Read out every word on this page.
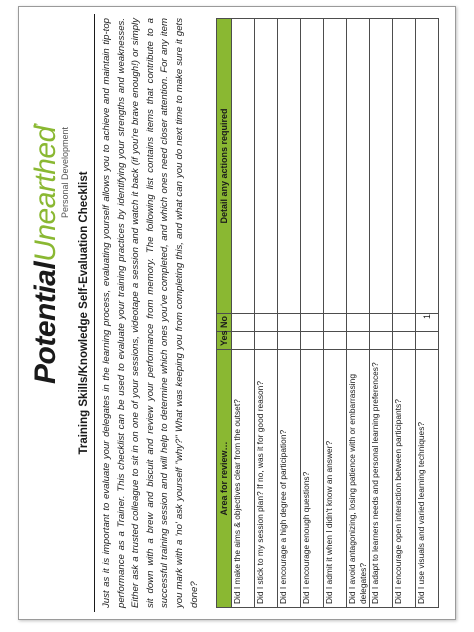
PotentialUnearthed
❜
Personal Development Training Skills/Knowledge Self-Evaluation Checklist	Just as it is important to evaluate your delegates in the learning process, evaluating yourself allows you to achieve and maintain tip-top performance as a Trainer. This checklist can be used to evaluate your training practices by identifying your strengths and weaknesses. Either ask a trusted colleague to sit in on one of your sessions, videotape a session and watch it back (if you're brave enough!) or simply sit down with a brew and biscuit and review your performance from memory. The following list contains items that contribute to a successful training session and will help to determine which ones you've completed, and which ones need closer attention. For any item you mark with a 'no' ask yourself "why?" What was keeping you from completing this, and what can you do next time to make sure it gets done?
Area for review…	Yes	No	Detail any actions required
Did I make the aims & objectives clear from the outset?			
Did I stick to my session plan? If no, was it for good reason?			
Did I encourage a high degree of participation?			
Did I encourage enough questions?			
Did I admit it when I didn't know an answer?			
Did I avoid antagonizing, losing patience with or embarrassing delegates?			
Did I adapt to learners needs and personal learning preferences?			
Did I encourage open interaction between participants?			
Did I use visuals and varied learning techniques?			
1
